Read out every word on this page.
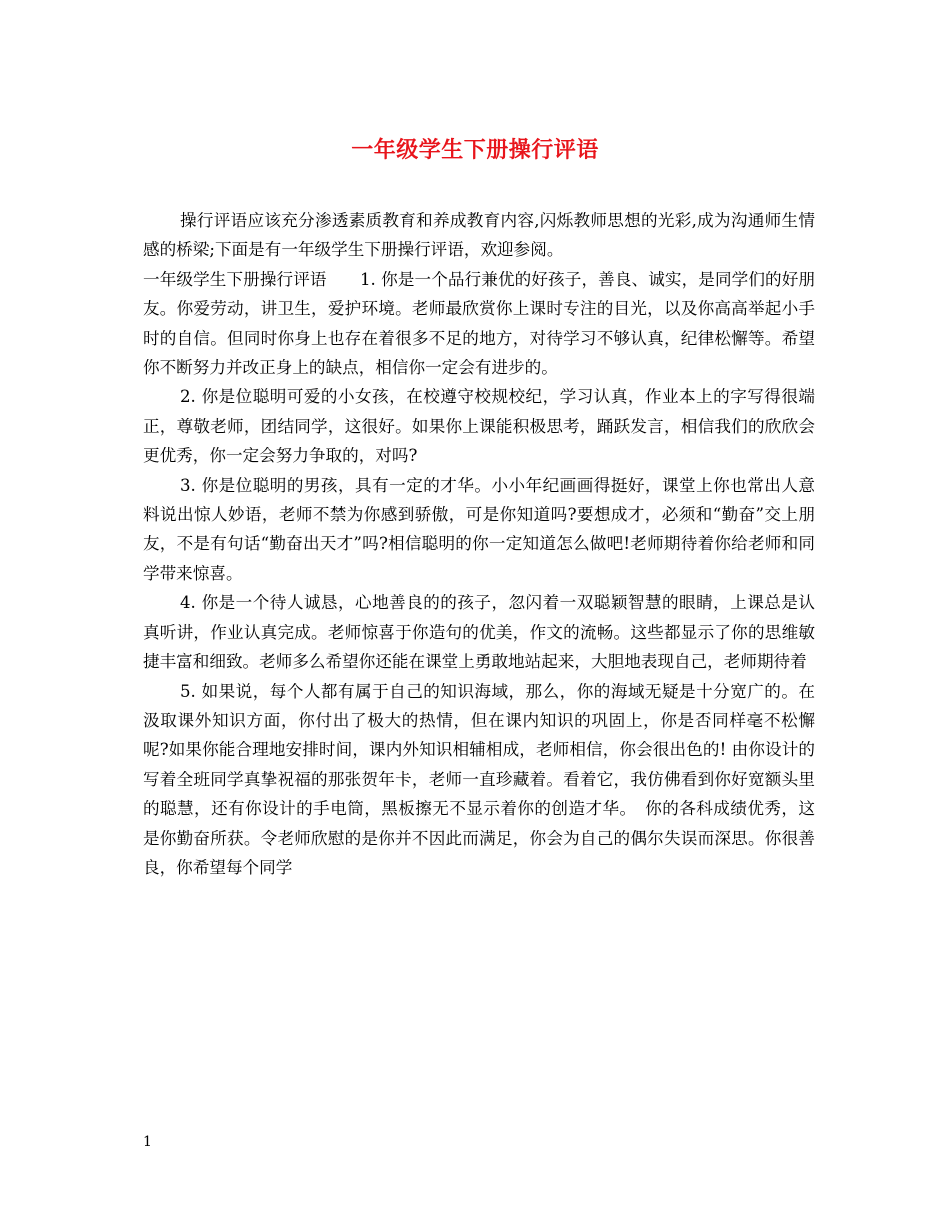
一年级学生下册操行评语

操行评语应该充分渗透素质教育和养成教育内容,闪烁教师思想的光彩,成为沟通师生情感的桥梁;下面是有一年级学生下册操行评语，欢迎参阅。

一年级学生下册操行评语　　1. 你是一个品行兼优的好孩子，善良、诚实，是同学们的好朋友。你爱劳动，讲卫生，爱护环境。老师最欣赏你上课时专注的目光，以及你高高举起小手时的自信。但同时你身上也存在着很多不足的地方，对待学习不够认真，纪律松懈等。希望你不断努力并改正身上的缺点，相信你一定会有进步的。

2. 你是位聪明可爱的小女孩，在校遵守校规校纪，学习认真，作业本上的字写得很端正，尊敬老师，团结同学，这很好。如果你上课能积极思考，踊跃发言，相信我们的欣欣会更优秀，你一定会努力争取的，对吗?

3. 你是位聪明的男孩，具有一定的才华。小小年纪画画得挺好，课堂上你也常出人意料说出惊人妙语，老师不禁为你感到骄傲，可是你知道吗?要想成才，必须和“勤奋”交上朋友，不是有句话“勤奋出天才”吗?相信聪明的你一定知道怎么做吧!老师期待着你给老师和同学带来惊喜。

4. 你是一个待人诚恳，心地善良的的孩子，忽闪着一双聪颖智慧的眼睛，上课总是认真听讲，作业认真完成。老师惊喜于你造句的优美，作文的流畅。这些都显示了你的思维敏捷丰富和细致。老师多么希望你还能在课堂上勇敢地站起来，大胆地表现自己，老师期待着

5. 如果说，每个人都有属于自己的知识海域，那么，你的海域无疑是十分宽广的。在汲取课外知识方面，你付出了极大的热情，但在课内知识的巩固上，你是否同样毫不松懈呢?如果你能合理地安排时间，课内外知识相辅相成，老师相信，你会很出色的! 由你设计的写着全班同学真挚祝福的那张贺年卡，老师一直珍藏着。看着它，我仿佛看到你好宽额头里的聪慧，还有你设计的手电筒，黑板擦无不显示着你的创造才华。　你的各科成绩优秀，这是你勤奋所获。令老师欣慰的是你并不因此而满足，你会为自己的偶尔失误而深思。你很善良，你希望每个同学

1
